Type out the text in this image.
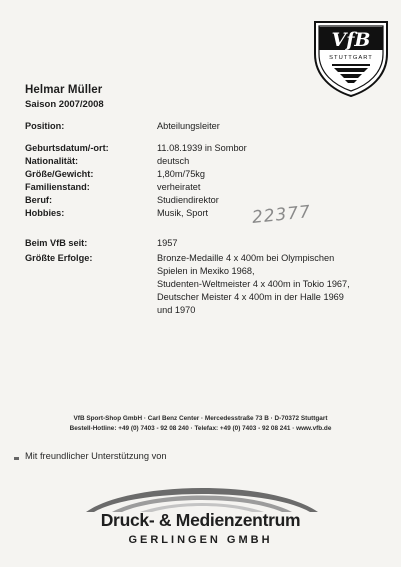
VfB
STUTTGART
Helmar Müller
Saison 2007/2008
Position:	Abteilungsleiter
Geburtsdatum/-ort:	11.08.1939 in Sombor
Nationalität:	deutsch
Größe/Gewicht:	1,80m/75kg
Familienstand:	verheiratet
Beruf:	Studiendirektor
Hobbies:	Musik, Sport
Beim VfB seit:	1957
Größte Erfolge:	Bronze-Medaille 4 x 400m bei Olympischen
Spielen in Mexiko 1968,
Studenten-Weltmeister 4 x 400m in Tokio 1967,
Deutscher Meister 4 x 400m in der Halle 1969
und 1970
22377
VfB Sport-Shop GmbH · Carl Benz Center · Mercedesstraße 73 B · D-70372 Stuttgart
Bestell-Hotline: +49 (0) 7403 - 92 08 240 · Telefax: +49 (0) 7403 - 92 08 241 · www.vfb.de
Mit freundlicher Unterstützung von
Druck- & Medienzentrum
GERLINGEN GMBH
